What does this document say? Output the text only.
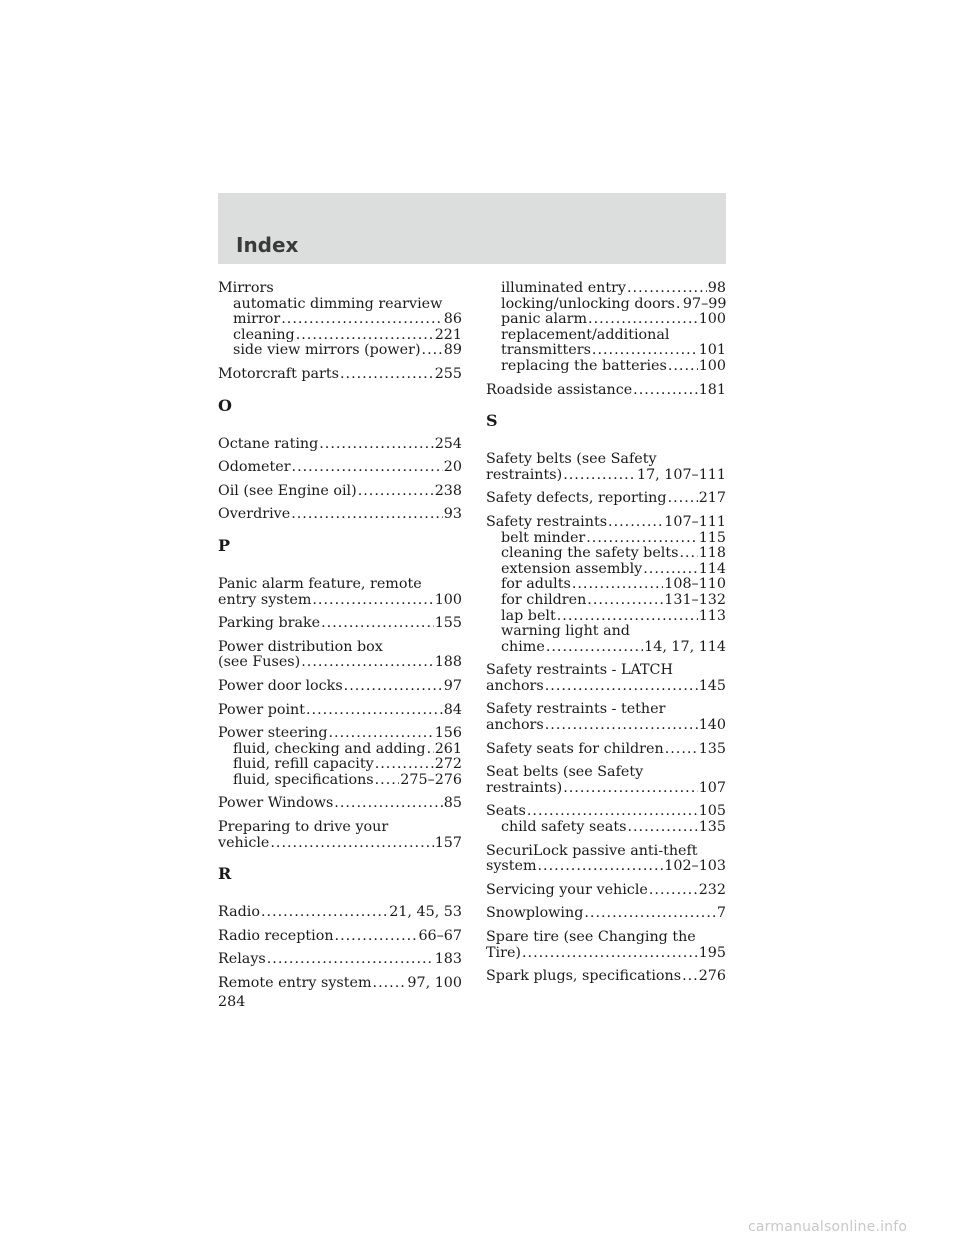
Index
Mirrors
automatic dimming rearview
mirror .....	86
cleaning .....	221
side view mirrors (power) ..... 89
Motorcraft parts .....	255
O
Octane rating .....	254
Odometer .....	20
Oil (see Engine oil) .....	238
Overdrive .....	93
P
Panic alarm feature, remote
entry system .....	100
Parking brake .....	155
Power distribution box
(see Fuses) .....	188
Power door locks .....	97
Power point .....	84
Power steering .....	156
fluid, checking and adding ..... 261
fluid, refill capacity .....	272
fluid, specifications ..... 275–276
Power Windows .....	85
Preparing to drive your
vehicle .....	157
R
Radio .....	21, 45, 53
Radio reception .....	66–67
Relays .....	183
Remote entry system .....	97, 100
illuminated entry .....	98
locking/unlocking doors ..... 97–99
panic alarm .....	100
replacement/additional
transmitters .....	101
replacing the batteries ..... 100
Roadside assistance .....	181
S
Safety belts (see Safety
restraints) .....	17, 107–111
Safety defects, reporting ..... 217
Safety restraints .....	107–111
belt minder .....	115
cleaning the safety belts ..... 118
extension assembly .....	114
for adults .....	108–110
for children .....	131–132
lap belt .....	113
warning light and
chime .....	14, 17, 114
Safety restraints - LATCH
anchors .....	145
Safety restraints - tether
anchors .....	140
Safety seats for children ..... 135
Seat belts (see Safety
restraints) .....	107
Seats .....	105
child safety seats .....	135
SecuriLock passive anti-theft
system .....	102–103
Servicing your vehicle .....	232
Snowplowing .....	7
Spare tire (see Changing the
Tire) .....	195
Spark plugs, specifications ..... 276
284
carmanualsonline.info
